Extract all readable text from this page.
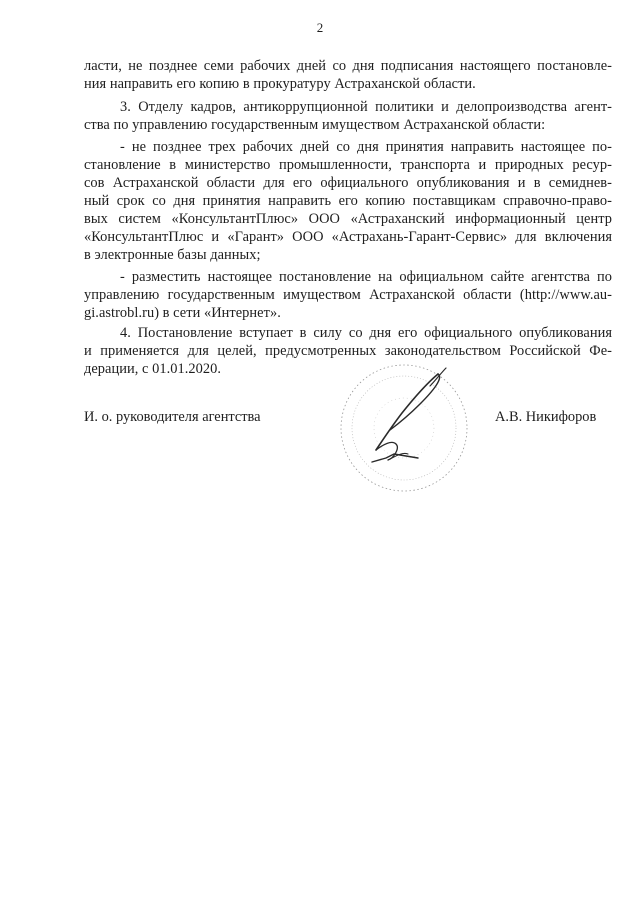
2
ласти, не позднее семи рабочих дней со дня подписания настоящего постановле-
ния направить его копию в прокуратуру Астраханской области.
3. Отделу кадров, антикоррупционной политики и делопроизводства агент-
ства по управлению государственным имуществом Астраханской области:
- не позднее трех рабочих дней со дня принятия направить настоящее по-
становление в министерство промышленности, транспорта и природных ресур-
сов Астраханской области для его официального опубликования и в семиднев-
ный срок со дня принятия направить его копию поставщикам справочно-право-
вых систем «КонсультантПлюс» ООО «Астраханский информационный центр
«КонсультантПлюс и «Гарант» ООО «Астрахань-Гарант-Сервис» для включения
в электронные базы данных;
- разместить настоящее постановление на официальном сайте агентства по
управлению государственным имуществом Астраханской области (http://www.au-
gi.astrobl.ru) в сети «Интернет».
4. Постановление вступает в силу со дня его официального опубликования
и применяется для целей, предусмотренных законодательством Российской Фе-
дерации, с 01.01.2020.
И. о. руководителя агентства	А.В. Никифоров
